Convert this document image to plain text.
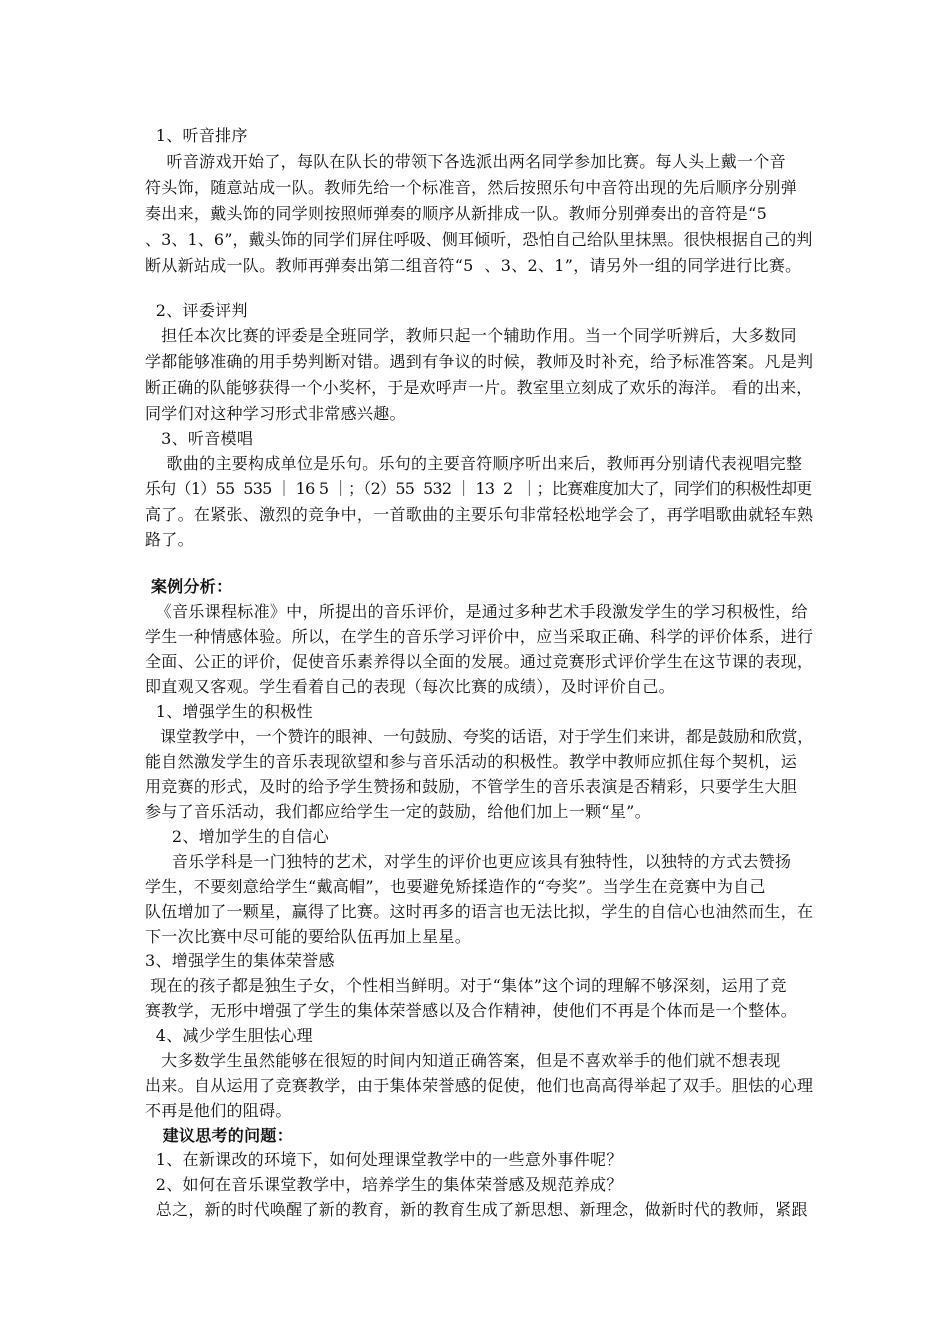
1、听音排序
听音游戏开始了，每队在队长的带领下各选派出两名同学参加比赛。每人头上戴一个音
符头饰，随意站成一队。教师先给一个标准音，然后按照乐句中音符出现的先后顺序分别弹
奏出来，戴头饰的同学则按照师弹奏的顺序从新排成一队。教师分别弹奏出的音符是“5
、3、1、6”，戴头饰的同学们屏住呼吸、侧耳倾听，恐怕自己给队里抹黑。很快根据自己的判
断从新站成一队。教师再弹奏出第二组音符“5  、3、2、1”，请另外一组的同学进行比赛。
2、评委评判
担任本次比赛的评委是全班同学，教师只起一个辅助作用。当一个同学听辨后，大多数同
学都能够准确的用手势判断对错。遇到有争议的时候，教师及时补充，给予标准答案。凡是判
断正确的队能够获得一个小奖杯，于是欢呼声一片。教室里立刻成了欢乐的海洋。 看的出来，
同学们对这种学习形式非常感兴趣。
3、听音模唱
歌曲的主要构成单位是乐句。乐句的主要音符顺序听出来后，教师再分别请代表视唱完整
乐句（1）55  535 ｜ 16 5 ｜；（2）55  532 ｜ 13  2  ｜；比赛难度加大了，同学们的积极性却更
高了。在紧张、激烈的竞争中，一首歌曲的主要乐句非常轻松地学会了，再学唱歌曲就轻车熟
路了。
案例分析：
《音乐课程标准》中，所提出的音乐评价，是通过多种艺术手段激发学生的学习积极性，给
学生一种情感体验。所以，在学生的音乐学习评价中，应当采取正确、科学的评价体系，进行
全面、公正的评价，促使音乐素养得以全面的发展。通过竞赛形式评价学生在这节课的表现，
即直观又客观。学生看着自己的表现（每次比赛的成绩），及时评价自己。
1、增强学生的积极性
课堂教学中，一个赞许的眼神、一句鼓励、夸奖的话语，对于学生们来讲，都是鼓励和欣赏，
能自然激发学生的音乐表现欲望和参与音乐活动的积极性。教学中教师应抓住每个契机，运
用竞赛的形式，及时的给予学生赞扬和鼓励，不管学生的音乐表演是否精彩，只要学生大胆
参与了音乐活动，我们都应给学生一定的鼓励，给他们加上一颗“星”。
2、增加学生的自信心
音乐学科是一门独特的艺术，对学生的评价也更应该具有独特性，以独特的方式去赞扬
学生，不要刻意给学生“戴高帽”，也要避免矫揉造作的“夸奖”。当学生在竞赛中为自己
队伍增加了一颗星，赢得了比赛。这时再多的语言也无法比拟，学生的自信心也油然而生，在
下一次比赛中尽可能的要给队伍再加上星星。
3、增强学生的集体荣誉感
现在的孩子都是独生子女，个性相当鲜明。对于“集体”这个词的理解不够深刻，运用了竞
赛教学，无形中增强了学生的集体荣誉感以及合作精神，使他们不再是个体而是一个整体。
4、减少学生胆怯心理
大多数学生虽然能够在很短的时间内知道正确答案，但是不喜欢举手的他们就不想表现
出来。自从运用了竞赛教学，由于集体荣誉感的促使，他们也高高得举起了双手。胆怯的心理
不再是他们的阻碍。
建议思考的问题：
1、在新课改的环境下，如何处理课堂教学中的一些意外事件呢？
2、如何在音乐课堂教学中，培养学生的集体荣誉感及规范养成？
总之，新的时代唤醒了新的教育，新的教育生成了新思想、新理念，做新时代的教师，紧跟
